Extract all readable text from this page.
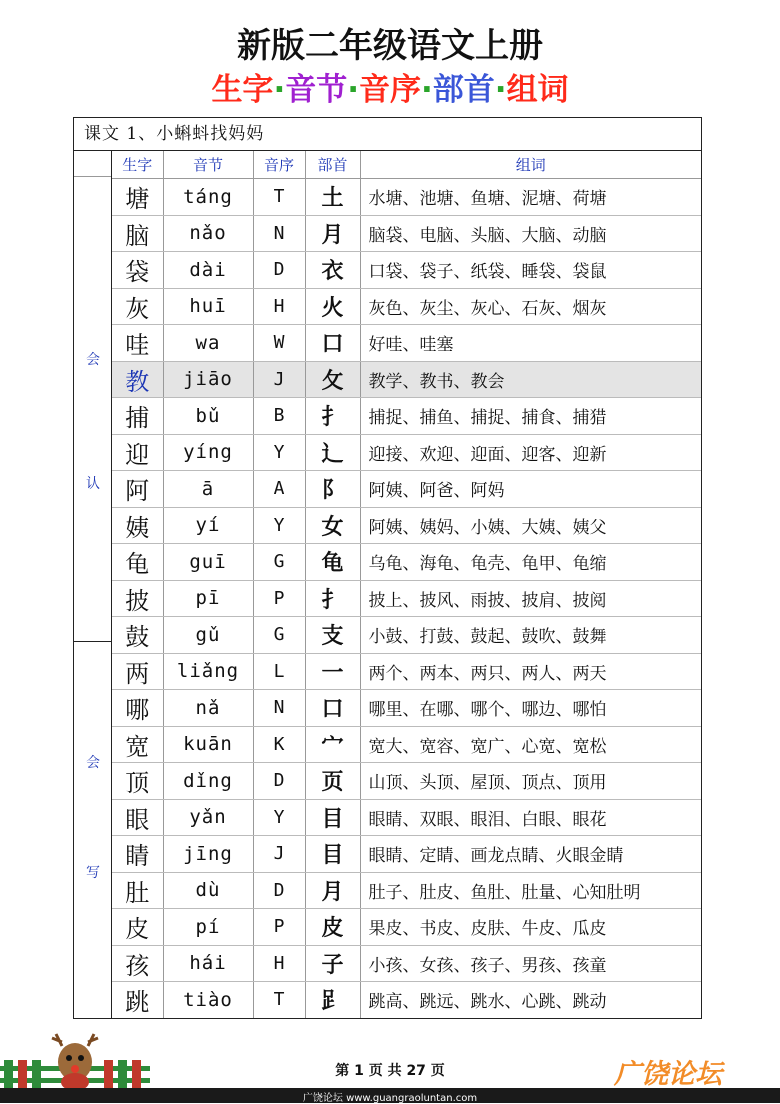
新版二年级语文上册
生字·音节·音序·部首·组词
课文 1、小蝌蚪找妈妈
会
认
会
写
生字	音节	音序	部首	组词
塘	táng	T	土	水塘、池塘、鱼塘、泥塘、荷塘
脑	nǎo	N	月	脑袋、电脑、头脑、大脑、动脑
袋	dài	D	衣	口袋、袋子、纸袋、睡袋、袋鼠
灰	huī	H	火	灰色、灰尘、灰心、石灰、烟灰
哇	wa	W	口	好哇、哇塞
教	jiāo	J	攵	教学、教书、教会
捕	bǔ	B	扌	捕捉、捕鱼、捕捉、捕食、捕猎
迎	yíng	Y	辶	迎接、欢迎、迎面、迎客、迎新
阿	ā	A	阝	阿姨、阿爸、阿妈
姨	yí	Y	女	阿姨、姨妈、小姨、大姨、姨父
龟	guī	G	龟	乌龟、海龟、龟壳、龟甲、龟缩
披	pī	P	扌	披上、披风、雨披、披肩、披阅
鼓	gǔ	G	支	小鼓、打鼓、鼓起、鼓吹、鼓舞
两	liǎng	L	一	两个、两本、两只、两人、两天
哪	nǎ	N	口	哪里、在哪、哪个、哪边、哪怕
宽	kuān	K	宀	宽大、宽容、宽广、心宽、宽松
顶	dǐng	D	页	山顶、头顶、屋顶、顶点、顶用
眼	yǎn	Y	目	眼睛、双眼、眼泪、白眼、眼花
睛	jīng	J	目	眼睛、定睛、画龙点睛、火眼金睛
肚	dù	D	月	肚子、肚皮、鱼肚、肚量、心知肚明
皮	pí	P	皮	果皮、书皮、皮肤、牛皮、瓜皮
孩	hái	H	子	小孩、女孩、孩子、男孩、孩童
跳	tiào	T	𧾷	跳高、跳远、跳水、心跳、跳动
第 1 页 共 27 页
广饶论坛 www.guangraoluntan.com
广饶论坛
